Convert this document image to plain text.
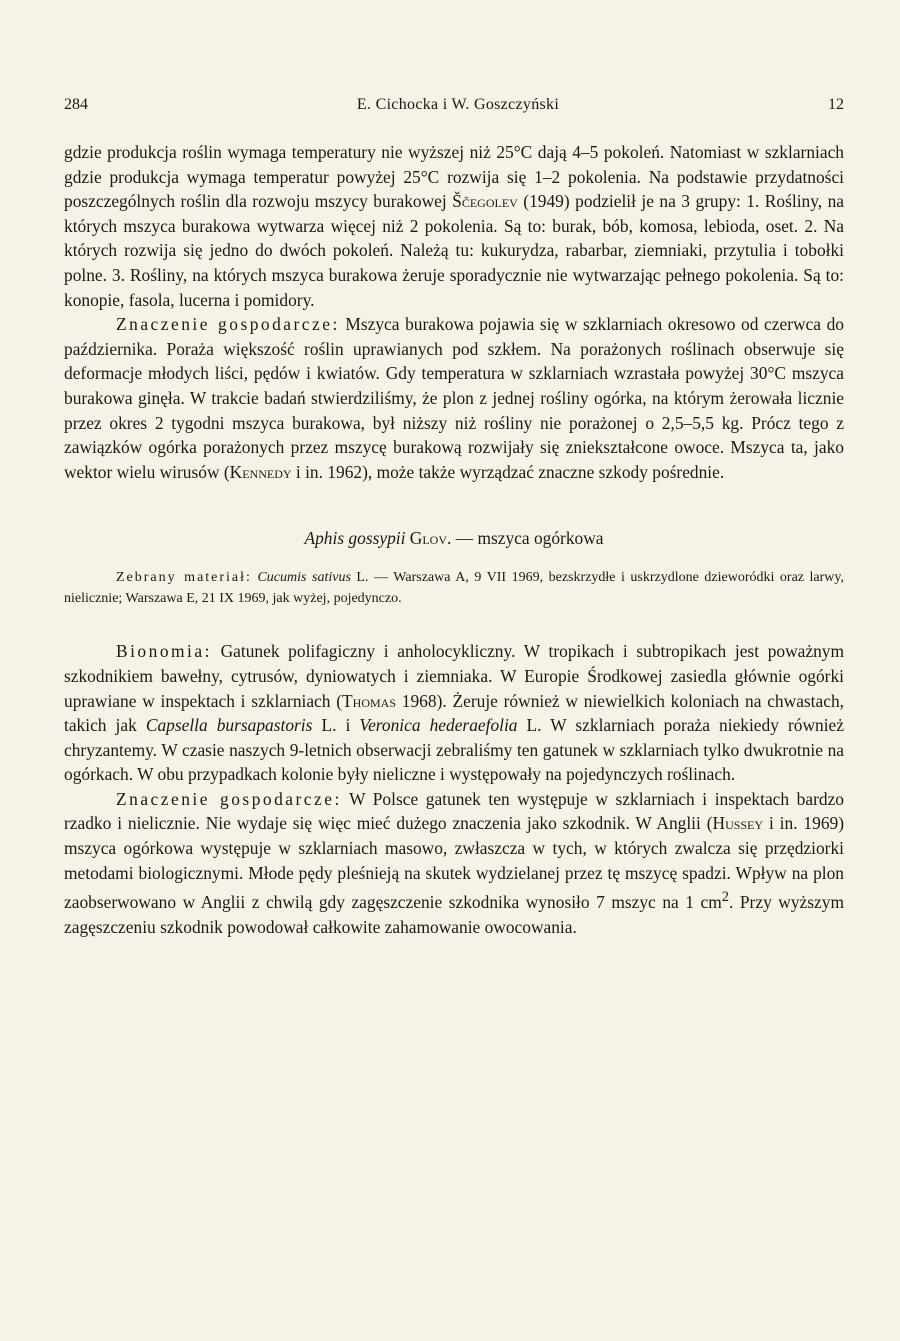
284	E. Cichocka i W. Goszczyński	12

gdzie produkcja roślin wymaga temperatury nie wyższej niż 25°C dają 4–5 pokoleń. Natomiast w szklarniach gdzie produkcja wymaga temperatur powyżej 25°C rozwija się 1–2 pokolenia. Na podstawie przydatności poszczególnych roślin dla rozwoju mszycy burakowej Ščegolev (1949) podzielił je na 3 grupy: 1. Rośliny, na których mszyca burakowa wytwarza więcej niż 2 pokolenia. Są to: burak, bób, komosa, lebioda, oset. 2. Na których rozwija się jedno do dwóch pokoleń. Należą tu: kukurydza, rabarbar, ziemniaki, przytulia i tobołki polne. 3. Rośliny, na których mszyca burakowa żeruje sporadycznie nie wytwarzając pełnego pokolenia. Są to: konopie, fasola, lucerna i pomidory.

Znaczenie gospodarcze: Mszyca burakowa pojawia się w szklarniach okresowo od czerwca do października. Poraża większość roślin uprawianych pod szkłem. Na porażonych roślinach obserwuje się deformacje młodych liści, pędów i kwiatów. Gdy temperatura w szklarniach wzrastała powyżej 30°C mszyca burakowa ginęła. W trakcie badań stwierdziliśmy, że plon z jednej rośliny ogórka, na którym żerowała licznie przez okres 2 tygodni mszyca burakowa, był niższy niż rośliny nie porażonej o 2,5–5,5 kg. Prócz tego z zawiązków ogórka porażonych przez mszycę burakową rozwijały się zniekształcone owoce. Mszyca ta, jako wektor wielu wirusów (Kennedy i in. 1962), może także wyrządzać znaczne szkody pośrednie.

Aphis gossypii Glov. — mszyca ogórkowa

Zebrany materiał: Cucumis sativus L. — Warszawa A, 9 VII 1969, bezskrzydłe i uskrzydlone dzieworódki oraz larwy, nielicznie; Warszawa E, 21 IX 1969, jak wyżej, pojedynczo.

Bionomia: Gatunek polifagiczny i anholocykliczny. W tropikach i subtropikach jest poważnym szkodnikiem bawełny, cytrusów, dyniowatych i ziemniaka. W Europie Środkowej zasiedla głównie ogórki uprawiane w inspektach i szklarniach (Thomas 1968). Żeruje również w niewielkich koloniach na chwastach, takich jak Capsella bursapastoris L. i Veronica hederaefolia L. W szklarniach poraża niekiedy również chryzantemy. W czasie naszych 9-letnich obserwacji zebraliśmy ten gatunek w szklarniach tylko dwukrotnie na ogórkach. W obu przypadkach kolonie były nieliczne i występowały na pojedynczych roślinach.

Znaczenie gospodarcze: W Polsce gatunek ten występuje w szklarniach i inspektach bardzo rzadko i nielicznie. Nie wydaje się więc mieć dużego znaczenia jako szkodnik. W Anglii (Hussey i in. 1969) mszyca ogórkowa występuje w szklarniach masowo, zwłaszcza w tych, w których zwalcza się przędziorki metodami biologicznymi. Młode pędy pleśnieją na skutek wydzielanej przez tę mszycę spadzi. Wpływ na plon zaobserwowano w Anglii z chwilą gdy zagęszczenie szkodnika wynosiło 7 mszyc na 1 $cm^2$. Przy wyższym zagęszczeniu szkodnik powodował całkowite zahamowanie owocowania.
